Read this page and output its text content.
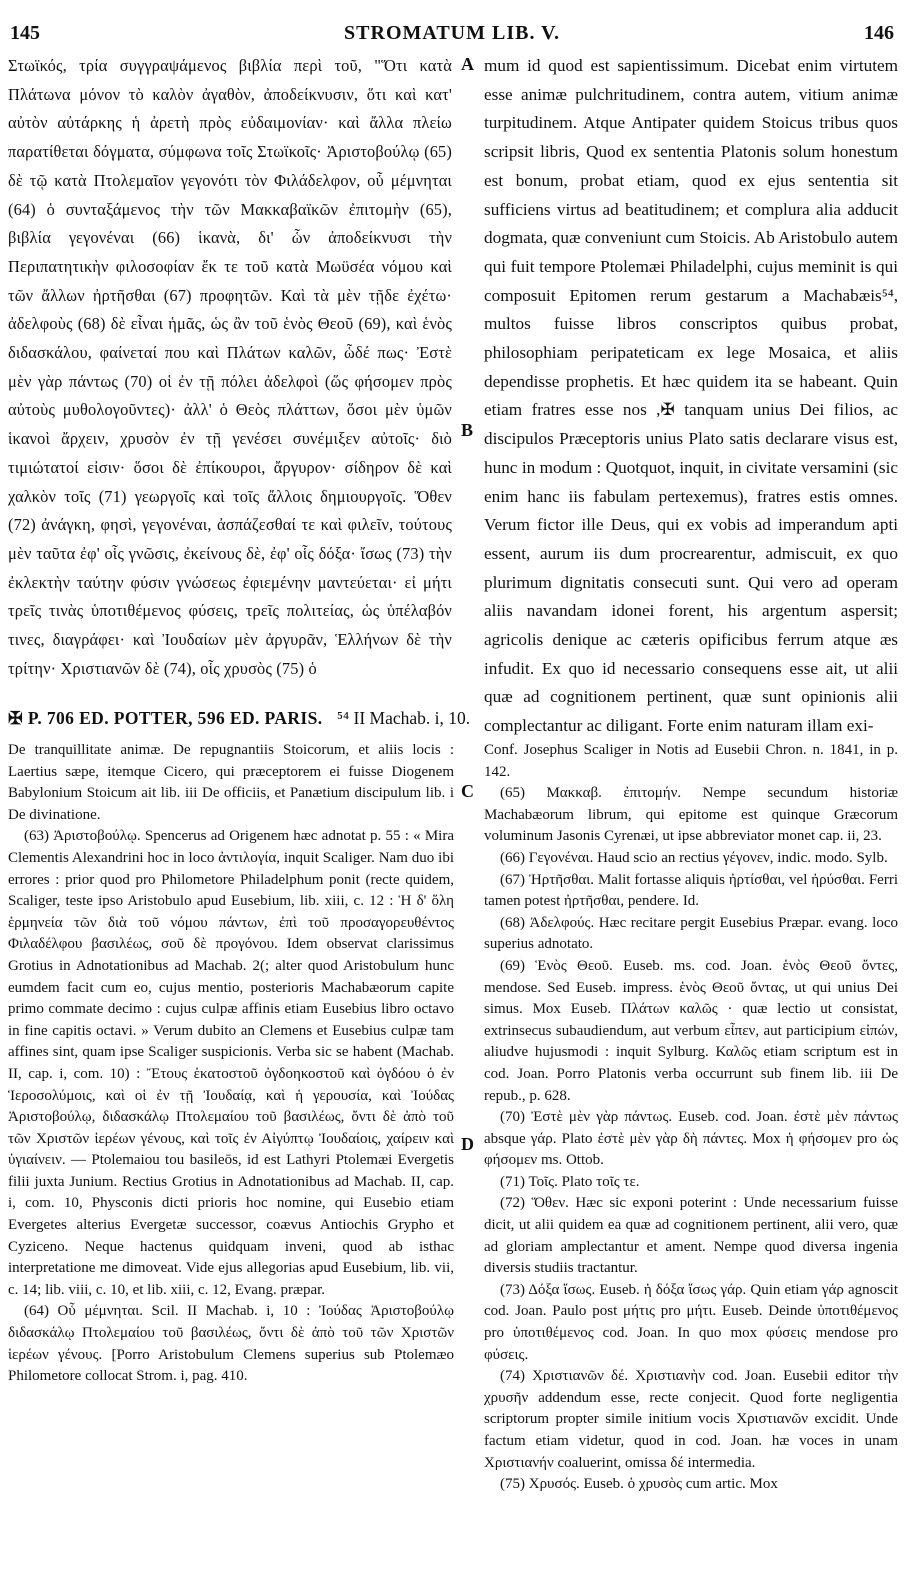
145	STROMATUM LIB. V.	146

Στωϊκός, τρία συγγραψάμενος βιβλία περὶ τοῦ, "Ὅτι κατὰ Πλάτωνα μόνον τὸ καλὸν ἀγαθὸν, ἀποδείκνυσιν, ὅτι καὶ κατ' αὐτὸν αὐτάρκης ἡ ἀρετὴ πρὸς εὐδαιμονίαν· καὶ ἄλλα πλείω παρατίθεται δόγματα, σύμφωνα τοῖς Στωϊκοῖς· Ἀριστοβούλῳ (65) δὲ τῷ κατὰ Πτολεμαῖον γεγονότι τὸν Φιλάδελφον, οὗ μέμνηται (64) ὁ συνταξάμενος τὴν τῶν Μακκαβαϊκῶν ἐπιτομὴν (65), βιβλία γεγονέναι (66) ἱκανὰ, δι' ὧν ἀποδείκνυσι τὴν Περιπατητικὴν φιλοσοφίαν ἔκ τε τοῦ κατὰ Μωϋσέα νόμου καὶ τῶν ἄλλων ἠρτῆσθαι (67) προφητῶν. Καὶ τὰ μὲν τῇδε ἐχέτω· ἀδελφοὺς (68) δὲ εἶναι ἡμᾶς, ὡς ἂν τοῦ ἑνὸς Θεοῦ (69), καὶ ἑνὸς διδασκάλου, φαίνεταί που καὶ Πλάτων καλῶν, ὧδέ πως· Ἐστὲ μὲν γὰρ πάντως (70) οἱ ἐν τῇ πόλει ἀδελφοὶ (ὥς φήσομεν πρὸς αὐτοὺς μυθολογοῦντες)· ἀλλ' ὁ Θεὸς πλάττων, ὅσοι μὲν ὑμῶν ἱκανοὶ ἄρχειν, χρυσὸν ἐν τῇ γενέσει συνέμιξεν αὐτοῖς· διὸ τιμιώτατοί εἰσιν· ὅσοι δὲ ἐπίκουροι, ἄργυρον· σίδηρον δὲ καὶ χαλκὸν τοῖς (71) γεωργοῖς καὶ τοῖς ἄλλοις δημιουργοῖς. Ὅθεν (72) ἀνάγκη, φησὶ, γεγονέναι, ἀσπάζεσθαί τε καὶ φιλεῖν, τούτους μὲν ταῦτα ἐφ' οἷς γνῶσις, ἐκείνους δὲ, ἐφ' οἷς δόξα· ἴσως (73) τὴν ἐκλεκτὴν ταύτην φύσιν γνώσεως ἐφιεμένην μαντεύεται· εἰ μήτι τρεῖς τινὰς ὑποτιθέμενος φύσεις, τρεῖς πολιτείας, ὡς ὑπέλαβόν τινες, διαγράφει· καὶ Ἰουδαίων μὲν ἀργυρᾶν, Ἑλλήνων δὲ τὴν τρίτην· Χριστιανῶν δὲ (74), οἷς χρυσὸς (75) ὁ

A
B
C
D

mum id quod est sapientissimum. Dicebat enim virtutem esse animæ pulchritudinem, contra autem, vitium animæ turpitudinem. Atque Antipater quidem Stoicus tribus quos scripsit libris, Quod ex sententia Platonis solum honestum est bonum, probat etiam, quod ex ejus sententia sit sufficiens virtus ad beatitudinem; et complura alia adducit dogmata, quæ conveniunt cum Stoicis. Ab Aristobulo autem qui fuit tempore Ptolemæi Philadelphi, cujus meminit is qui composuit Epitomen rerum gestarum a Machabæis⁵⁴, multos fuisse libros conscriptos quibus probat, philosophiam peripateticam ex lege Mosaica, et aliis dependisse prophetis. Et hæc quidem ita se habeant. Quin etiam fratres esse nos ,✠ tanquam unius Dei filios, ac discipulos Præceptoris unius Plato satis declarare visus est, hunc in modum : Quotquot, inquit, in civitate versamini (sic enim hanc iis fabulam pertexemus), fratres estis omnes. Verum fictor ille Deus, qui ex vobis ad imperandum apti essent, aurum iis dum procrearentur, admiscuit, ex quo plurimum dignitatis consecuti sunt. Qui vero ad operam aliis navandam idonei forent, his argentum aspersit; agricolis denique ac cæteris opificibus ferrum atque æs infudit. Ex quo id necessario consequens esse ait, ut alii quæ ad cognitionem pertinent, quæ sunt opinionis alii complectantur ac diligant. Forte enim naturam illam exi-

✠ P. 706 ED. POTTER, 596 ED. PARIS. ⁵⁴ II Machab. i, 10.

De tranquillitate animæ. De repugnantiis Stoicorum, et aliis locis : Laertius sæpe, itemque Cicero, qui præceptorem ei fuisse Diogenem Babylonium Stoicum ait lib. iii De officiis, et Panætium discipulum lib. i De divinatione.

(63) Ἀριστοβούλῳ. Spencerus ad Origenem hæc adnotat p. 55 : « Mira Clementis Alexandrini hoc in loco ἀντιλογία, inquit Scaliger. Nam duo ibi errores : prior quod pro Philometore Philadelphum ponit (recte quidem, Scaliger, teste ipso Aristobulo apud Eusebium, lib. xiii, c. 12 : Ἡ δ' ὅλη ἑρμηνεία τῶν διὰ τοῦ νόμου πάντων, ἐπὶ τοῦ προσαγορευθέντος Φιλαδέλφου βασιλέως, σοῦ δὲ προγόνου. Idem observat clarissimus Grotius in Adnotationibus ad Machab. 2(; alter quod Aristobulum hunc eumdem facit cum eo, cujus mentio, posterioris Machabæorum capite primo commate decimo : cujus culpæ affinis etiam Eusebius libro octavo in fine capitis octavi. » Verum dubito an Clemens et Eusebius culpæ tam affines sint, quam ipse Scaliger suspicionis. Verba sic se habent (Machab. II, cap. i, com. 10) : Ἔτους ἑκατοστοῦ ὀγδοηκοστοῦ καὶ ὀγδόου ὁ ἐν Ἱεροσολύμοις, καὶ οἱ ἐν τῇ Ἰουδαίᾳ, καὶ ἡ γερουσία, καὶ Ἰούδας Ἀριστοβούλῳ, διδασκάλῳ Πτολεμαίου τοῦ βασιλέως, ὄντι δὲ ἀπὸ τοῦ τῶν Χριστῶν ἱερέων γένους, καὶ τοῖς ἐν Αἰγύπτῳ Ἰουδαίοις, χαίρειν καὶ ὑγιαίνειν. — Ptolemaiou tou basileōs, id est Lathyri Ptolemæi Evergetis filii juxta Junium. Rectius Grotius in Adnotationibus ad Machab. II, cap. i, com. 10, Physconis dicti prioris hoc nomine, qui Eusebio etiam Evergetes alterius Evergetæ successor, coævus Antiochis Grypho et Cyziceno. Neque hactenus quidquam inveni, quod ab isthac interpretatione me dimoveat. Vide ejus allegorias apud Eusebium, lib. vii, c. 14; lib. viii, c. 10, et lib. xiii, c. 12, Evang. præpar.

(64) Οὗ μέμνηται. Scil. II Machab. i, 10 : Ἰούδας Ἀριστοβούλῳ διδασκάλῳ Πτολεμαίου τοῦ βασιλέως, ὄντι δὲ ἀπὸ τοῦ τῶν Χριστῶν ἱερέων γένους. [Porro Aristobulum Clemens superius sub Ptolemæo Philometore collocat Strom. i, pag. 410.

Conf. Josephus Scaliger in Notis ad Eusebii Chron. n. 1841, in p. 142.

(65) Μακκαβ. ἐπιτομήν. Nempe secundum historiæ Machabæorum librum, qui epitome est quinque Græcorum voluminum Jasonis Cyrenæi, ut ipse abbreviator monet cap. ii, 23.

(66) Γεγονέναι. Haud scio an rectius γέγονεν, indic. modo. Sylb.

(67) Ἠρτῆσθαι. Malit fortasse aliquis ἠρτίσθαι, vel ἠρύσθαι. Ferri tamen potest ἠρτῆσθαι, pendere. Id.

(68) Ἀδελφούς. Hæc recitare pergit Eusebius Præpar. evang. loco superius adnotato.

(69) Ἑνὸς Θεοῦ. Euseb. ms. cod. Joan. ἑνὸς Θεοῦ ὄντες, mendose. Sed Euseb. impress. ἑνὸς Θεοῦ ὄντας, ut qui unius Dei simus. Mox Euseb. Πλάτων καλῶς · quæ lectio ut consistat, extrinsecus subaudiendum, aut verbum εἶπεν, aut participium εἰπών, aliudve hujusmodi : inquit Sylburg. Καλῶς etiam scriptum est in cod. Joan. Porro Platonis verba occurrunt sub finem lib. iii De repub., p. 628.

(70) Ἐστὲ μὲν γὰρ πάντως. Euseb. cod. Joan. ἐστὲ μὲν πάντως absque γάρ. Plato ἐστὲ μὲν γὰρ δὴ πάντες. Mox ἡ φήσομεν pro ὡς φήσομεν ms. Ottob.

(71) Τοῖς. Plato τοῖς τε.

(72) Ὅθεν. Hæc sic exponi poterint : Unde necessarium fuisse dicit, ut alii quidem ea quæ ad cognitionem pertinent, alii vero, quæ ad gloriam amplectantur et ament. Nempe quod diversa ingenia diversis studiis tractantur.

(73) Δόξα ἴσως. Euseb. ἡ δόξα ἴσως γάρ. Quin etiam γάρ agnoscit cod. Joan. Paulo post μήτις pro μήτι. Euseb. Deinde ὑποτιθέμενος pro ὑποτιθέμενος cod. Joan. In quo mox φύσεις mendose pro φύσεις.

(74) Χριστιανῶν δέ. Χριστιανὴν cod. Joan. Eusebii editor τὴν χρυσῆν addendum esse, recte conjecit. Quod forte negligentia scriptorum propter simile initium vocis Χριστιανῶν excidit. Unde factum etiam videtur, quod in cod. Joan. hæ voces in unam Χριστιανήν coaluerint, omissa δέ intermedia.

(75) Χρυσός. Euseb. ὁ χρυσὸς cum artic. Mox
